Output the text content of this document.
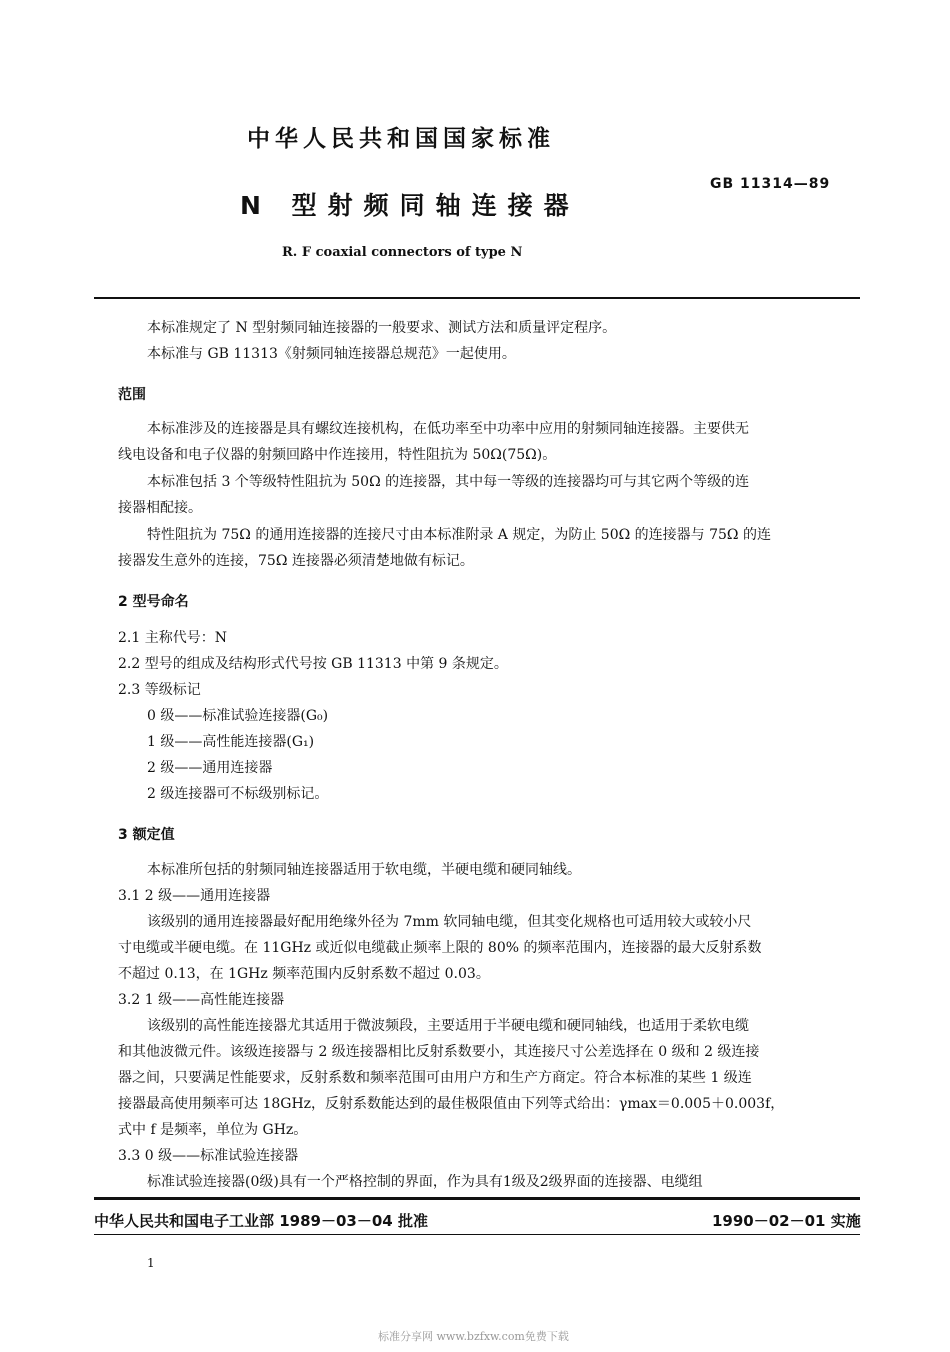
中华人民共和国国家标准
GB 11314—89
N 型射频同轴连接器
R. F coaxial connectors of type N
本标准规定了 N 型射频同轴连接器的一般要求、测试方法和质量评定程序。
本标准与 GB 11313《射频同轴连接器总规范》一起使用。
范围
本标准涉及的连接器是具有螺纹连接机构，在低功率至中功率中应用的射频同轴连接器。主要供无
线电设备和电子仪器的射频回路中作连接用，特性阻抗为 50Ω(75Ω)。
本标准包括 3 个等级特性阻抗为 50Ω 的连接器，其中每一等级的连接器均可与其它两个等级的连
接器相配接。
特性阻抗为 75Ω 的通用连接器的连接尺寸由本标准附录 A 规定，为防止 50Ω 的连接器与 75Ω 的连
接器发生意外的连接，75Ω 连接器必须清楚地做有标记。
2 型号命名
2.1 主称代号：N
2.2 型号的组成及结构形式代号按 GB 11313 中第 9 条规定。
2.3 等级标记
0 级——标准试验连接器(G₀)
1 级——高性能连接器(G₁)
2 级——通用连接器
2 级连接器可不标级别标记。
3 额定值
本标准所包括的射频同轴连接器适用于软电缆，半硬电缆和硬同轴线。
3.1 2 级——通用连接器
该级别的通用连接器最好配用绝缘外径为 7mm 软同轴电缆，但其变化规格也可适用较大或较小尺
寸电缆或半硬电缆。在 11GHz 或近似电缆截止频率上限的 80% 的频率范围内，连接器的最大反射系数
不超过 0.13，在 1GHz 频率范围内反射系数不超过 0.03。
3.2 1 级——高性能连接器
该级别的高性能连接器尤其适用于微波频段，主要适用于半硬电缆和硬同轴线，也适用于柔软电缆
和其他波微元件。该级连接器与 2 级连接器相比反射系数要小，其连接尺寸公差选择在 0 级和 2 级连接
器之间，只要满足性能要求，反射系数和频率范围可由用户方和生产方商定。符合本标准的某些 1 级连
接器最高使用频率可达 18GHz，反射系数能达到的最佳极限值由下列等式给出：γmax＝0.005＋0.003f，
式中 f 是频率，单位为 GHz。
3.3 0 级——标准试验连接器
标准试验连接器(0级)具有一个严格控制的界面，作为具有1级及2级界面的连接器、电缆组
中华人民共和国电子工业部 1989－03－04 批准	1990－02－01 实施
1
标准分享网 www.bzfxw.com免费下载
